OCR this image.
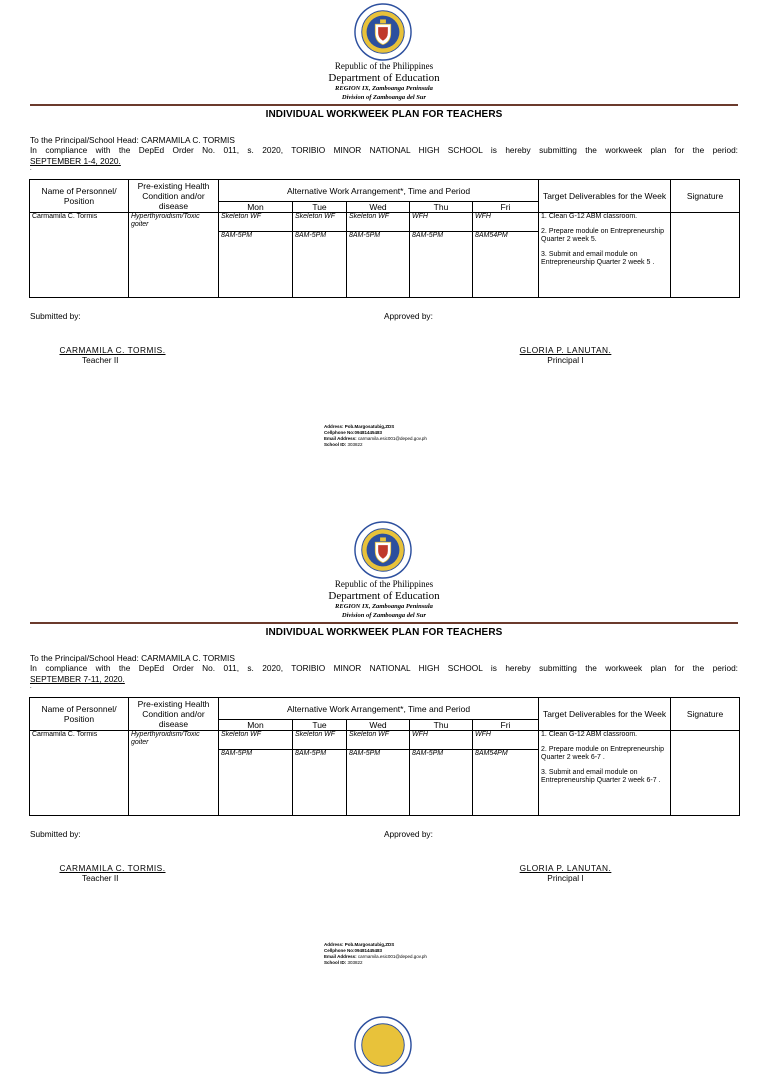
Republic of the Philippines
Department of Education
REGION IX, Zamboanga Peninsula
Division of Zamboanga del Sur
INDIVIDUAL WORKWEEK PLAN FOR TEACHERS
To the Principal/School Head: CARMAMILA C. TORMIS
In compliance with the DepEd Order No. 011, s. 2020, TORIBIO MINOR NATIONAL HIGH SCHOOL is hereby submitting the workweek plan for the period:
SEPTEMBER 1-4, 2020.
.
Name of Personnel/ Position	Pre-existing Health Condition and/or disease	Alternative Work Arrangement*, Time and Period					Target Deliverables for the Week	Signature
		Mon	Tue	Wed	Thu	Fri		
Carmamila C. Tormis	Hyperthyroidism/Toxic goiter	Skeleton WF	Skeleton WF	Skeleton WF	WFH	WFH	1. Clean G-12 ABM classroom.
2. Prepare module on Entrepreneurship Quarter 2 week 5.
3. Submit and email module on Entrepreneurship Quarter 2 week 5 .	

		8AM-5PM	8AM-5PM	8AM-5PM	8AM-5PM	8AM54PM		
Submitted by:	Approved by:
CARMAMILA C. TORMIS.
Teacher II
GLORIA P. LANUTAN.
Principal I
Address: Pob.Margosatubig,ZDS
Cellphone No:09481445483
Email Address: carmamila.esic001@deped.gov.ph
School ID: 303822
Republic of the Philippines
Department of Education
REGION IX, Zamboanga Peninsula
Division of Zamboanga del Sur
INDIVIDUAL WORKWEEK PLAN FOR TEACHERS
To the Principal/School Head: CARMAMILA C. TORMIS
In compliance with the DepEd Order No. 011, s. 2020, TORIBIO MINOR NATIONAL HIGH SCHOOL is hereby submitting the workweek plan for the period:
SEPTEMBER 7-11, 2020.
.
Name of Personnel/ Position	Pre-existing Health Condition and/or disease	Alternative Work Arrangement*, Time and Period					Target Deliverables for the Week	Signature
		Mon	Tue	Wed	Thu	Fri		
Carmamila C. Tormis	Hyperthyroidism/Toxic goiter	Skeleton WF	Skeleton WF	Skeleton WF	WFH	WFH	1. Clean G-12 ABM classroom.
2. Prepare module on Entrepreneurship Quarter 2 week 6-7 .
3. Submit and email module on Entrepreneurship Quarter 2 week 6-7 .	

		8AM-5PM	8AM-5PM	8AM-5PM	8AM-5PM	8AM54PM		
Submitted by:	Approved by:
CARMAMILA C. TORMIS.
Teacher II
GLORIA P. LANUTAN.
Principal I
Address: Pob.Margosatubig,ZDS
Cellphone No:09481445483
Email Address: carmamila.esic001@deped.gov.ph
School ID: 303822
